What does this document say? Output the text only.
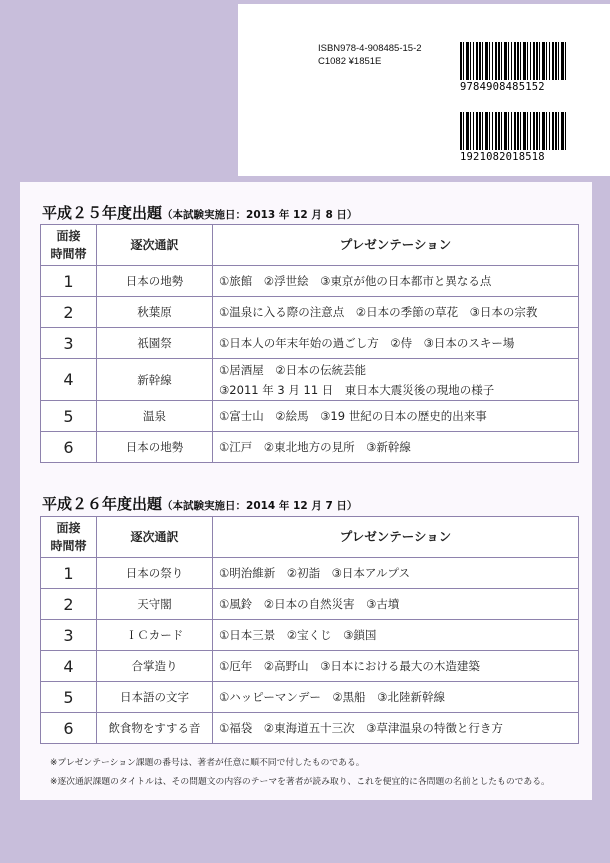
ISBN978-4-908485-15-2
C1082 ¥1851E
9784908485152
1921082018518
平成２５年度出題（本試験実施日：2013 年 12 月 8 日）
面接
時間帯	逐次通訳	プレゼンテーション
1	日本の地勢	①旅館　②浮世絵　③東京が他の日本都市と異なる点

2	秋葉原	①温泉に入る際の注意点　②日本の季節の草花　③日本の宗教

3	祇園祭	①日本人の年末年始の過ごし方　②侍　③日本のスキー場

4	新幹線	①居酒屋　②日本の伝統芸能
③2011 年 3 月 11 日　東日本大震災後の現地の様子

5	温泉	①富士山　②絵馬　③19 世紀の日本の歴史的出来事

6	日本の地勢	①江戸　②東北地方の見所　③新幹線
平成２６年度出題（本試験実施日：2014 年 12 月 7 日）
面接
時間帯	逐次通訳	プレゼンテーション
1	日本の祭り	①明治維新　②初詣　③日本アルプス

2	天守閣	①風鈴　②日本の自然災害　③古墳

3	ＩＣカード	①日本三景　②宝くじ　③鎖国

4	合掌造り	①厄年　②高野山　③日本における最大の木造建築

5	日本語の文字	①ハッピーマンデー　②黒船　③北陸新幹線

6	飲食物をすする音	①福袋　②東海道五十三次　③草津温泉の特徴と行き方
※プレゼンテーション課題の番号は、著者が任意に順不同で付したものである。
※逐次通訳課題のタイトルは、その問題文の内容のテーマを著者が読み取り、これを便宜的に各問題の名前としたものである。
